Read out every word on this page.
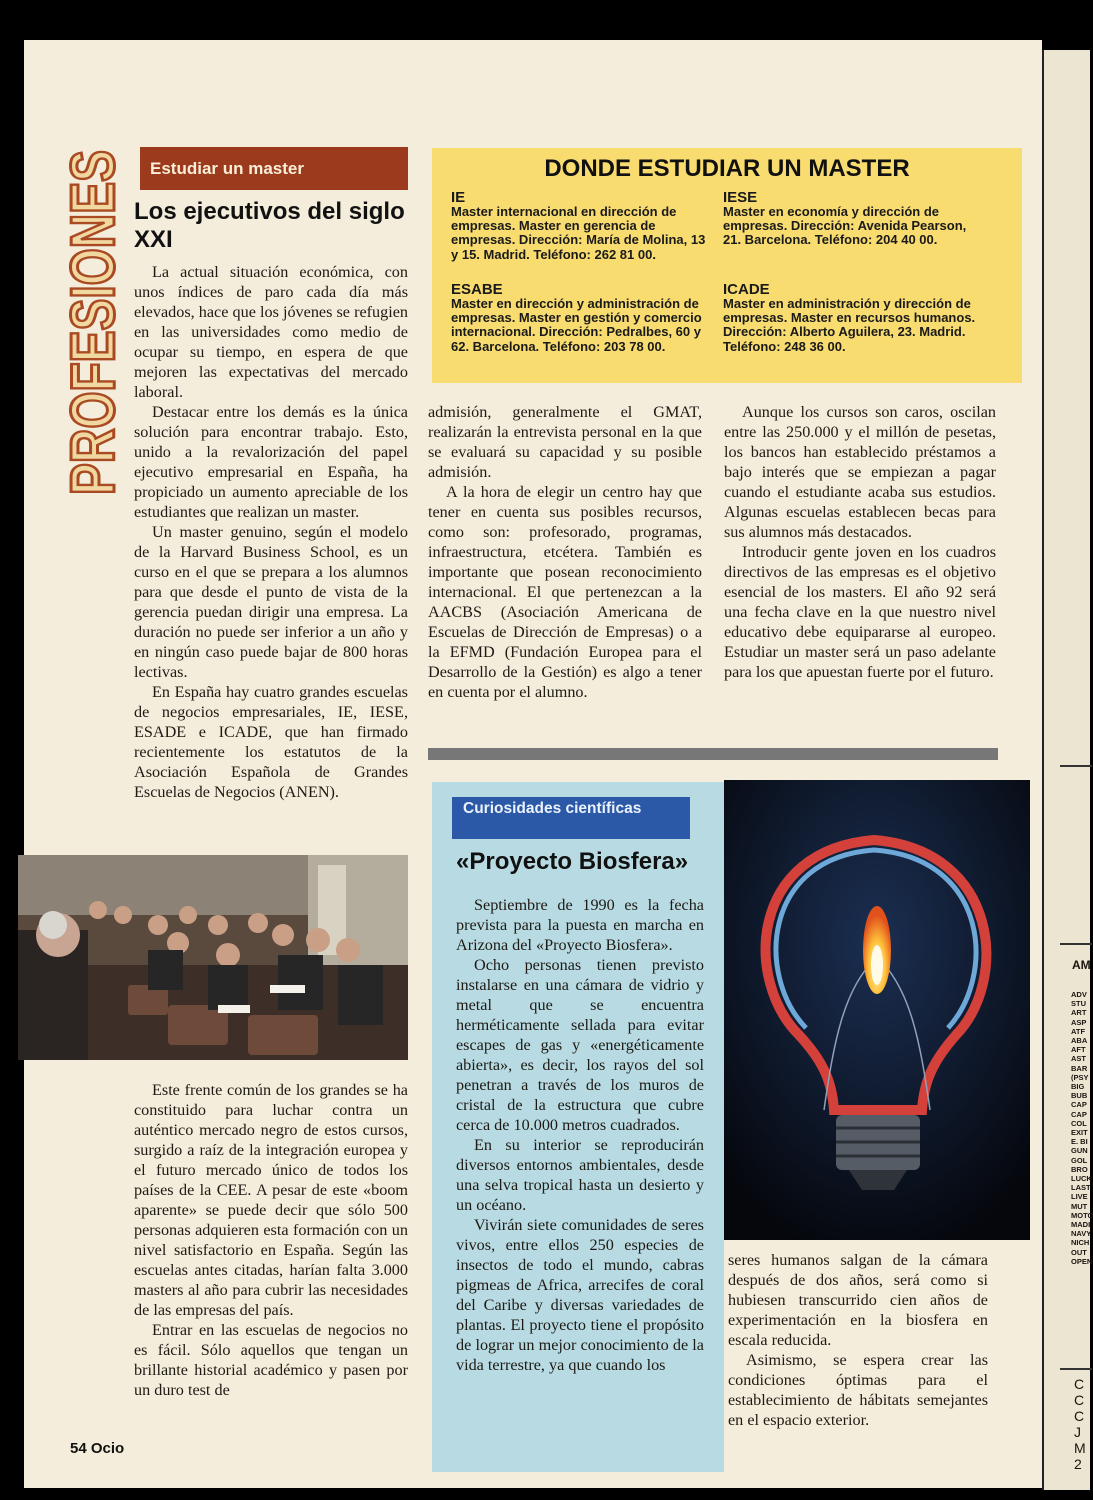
AM
ADV
STU
ART
ASP
ATF
ABA
AFT
AST
BAR
(PSY
BIG
BUB
CAP
CAP
COL
EXIT
E. BI
GUN
GOL
BRO
LUCK
LAST
LIVE
MUT
MOTO
MADI
NAVY
NICH
OUT
OPEN
C
C
C
J
M
2
PROFESIONES	Estudiar un master
Los ejecutivos del siglo XXI

La actual situación económica, con unos índices de paro cada día más elevados, hace que los jóvenes se refugien en las universidades como medio de ocupar su tiempo, en espera de que mejoren las expectativas del mercado laboral.

Destacar entre los demás es la única solución para encontrar trabajo. Esto, unido a la revalorización del papel ejecutivo empresarial en España, ha propiciado un aumento apreciable de los estudiantes que realizan un master.

Un master genuino, según el modelo de la Harvard Business School, es un curso en el que se prepara a los alumnos para que desde el punto de vista de la gerencia puedan dirigir una empresa. La duración no puede ser inferior a un año y en ningún caso puede bajar de 800 horas lectivas.

En España hay cuatro grandes escuelas de negocios empresariales, IE, IESE, ESADE e ICADE, que han firmado recientemente los estatutos de la Asociación Española de Grandes Escuelas de Negocios (ANEN).

Este frente común de los grandes se ha constituido para luchar contra un auténtico mercado negro de estos cursos, surgido a raíz de la integración europea y el futuro mercado único de todos los países de la CEE. A pesar de este «boom aparente» se puede decir que sólo 500 personas adquieren esta formación con un nivel satisfactorio en España. Según las escuelas antes citadas, harían falta 3.000 masters al año para cubrir las necesidades de las empresas del país.

Entrar en las escuelas de negocios no es fácil. Sólo aquellos que tengan un brillante historial académico y pasen por un duro test de

DONDE ESTUDIAR UN MASTER
IE
Master internacional en dirección de empresas. Master en gerencia de empresas. Dirección: María de Molina, 13 y 15. Madrid. Teléfono: 262 81 00.
ESABE
Master en dirección y administración de empresas. Master en gestión y comercio internacional. Dirección: Pedralbes, 60 y 62. Barcelona. Teléfono: 203 78 00.
IESE
Master en economía y dirección de empresas. Dirección: Avenida Pearson, 21. Barcelona. Teléfono: 204 40 00.
ICADE
Master en administración y dirección de empresas. Master en recursos humanos. Dirección: Alberto Aguilera, 23. Madrid. Teléfono: 248 36 00.

admisión, generalmente el GMAT, realizarán la entrevista personal en la que se evaluará su capacidad y su posible admisión.

A la hora de elegir un centro hay que tener en cuenta sus posibles recursos, como son: profesorado, programas, infraestructura, etcétera. También es importante que posean reconocimiento internacional. El que pertenezcan a la AACBS (Asociación Americana de Escuelas de Dirección de Empresas) o a la EFMD (Fundación Europea para el Desarrollo de la Gestión) es algo a tener en cuenta por el alumno.

Aunque los cursos son caros, oscilan entre las 250.000 y el millón de pesetas, los bancos han establecido préstamos a bajo interés que se empiezan a pagar cuando el estudiante acaba sus estudios. Algunas escuelas establecen becas para sus alumnos más destacados.

Introducir gente joven en los cuadros directivos de las empresas es el objetivo esencial de los masters. El año 92 será una fecha clave en la que nuestro nivel educativo debe equipararse al europeo. Estudiar un master será un paso adelante para los que apuestan fuerte por el futuro.

Curiosidades científicas
«Proyecto Biosfera»

Septiembre de 1990 es la fecha prevista para la puesta en marcha en Arizona del «Proyecto Biosfera».

Ocho personas tienen previsto instalarse en una cámara de vidrio y metal que se encuentra herméticamente sellada para evitar escapes de gas y «energéticamente abierta», es decir, los rayos del sol penetran a través de los muros de cristal de la estructura que cubre cerca de 10.000 metros cuadrados.

En su interior se reproducirán diversos entornos ambientales, desde una selva tropical hasta un desierto y un océano.

Vivirán siete comunidades de seres vivos, entre ellos 250 especies de insectos de todo el mundo, cabras pigmeas de Africa, arrecifes de coral del Caribe y diversas variedades de plantas. El proyecto tiene el propósito de lograr un mejor conocimiento de la vida terrestre, ya que cuando los

seres humanos salgan de la cámara después de dos años, será como si hubiesen transcurrido cien años de experimentación en la biosfera en escala reducida.

Asimismo, se espera crear las condiciones óptimas para el establecimiento de hábitats semejantes en el espacio exterior.

54 Ocio
